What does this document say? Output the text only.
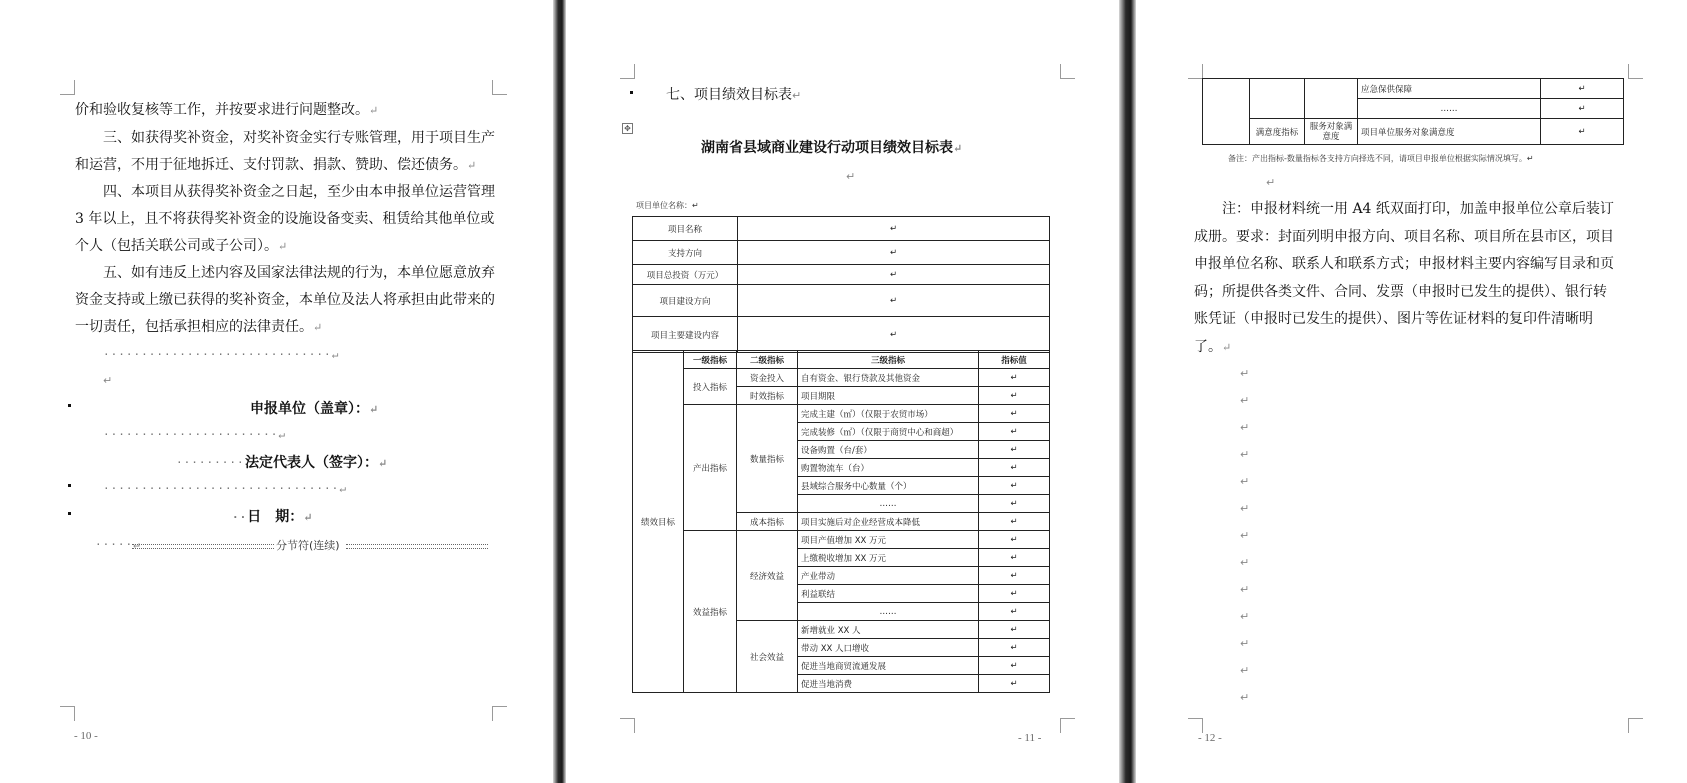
价和验收复核等工作，并按要求进行问题整改。↵
三、如获得奖补资金，对奖补资金实行专账管理，用于项目生产和运营，不用于征地拆迁、支付罚款、捐款、赞助、偿还债务。↵
四、本项目从获得奖补资金之日起，至少由本申报单位运营管理 3 年以上，且不将获得奖补资金的设施设备变卖、租赁给其他单位或个人（包括关联公司或子公司）。↵
五、如有违反上述内容及国家法律法规的行为，本单位愿意放弃资金支持或上缴已获得的奖补资金，本单位及法人将承担由此带来的一切责任，包括承担相应的法律责任。↵
······························↵
↵
申报单位（盖章）：↵
·······················↵
········· 法定代表人（签字）：↵
·······························↵
··日　期：↵
·····↵	分节符(连续)
- 10 -
七、项目绩效目标表↵
✥
湖南省县域商业建设行动项目绩效目标表↵
↵
项目单位名称：↵
项目名称	↵
支持方向	↵
项目总投资（万元）	↵
项目建设方向	↵
项目主要建设内容	↵
绩效目标	一级指标	二级指标	三级指标	指标值
	投入指标	资金投入	自有资金、银行贷款及其他资金	↵
		时效指标	项目期限	↵
	产出指标	数量指标	完成主建（㎡）（仅限于农贸市场）	↵
			完成装修（㎡）（仅限于商贸中心和商超）	↵
			设备购置（台/套）	↵
			购置物流车（台）	↵
			县域综合服务中心数量（个）	↵
			……	↵
		成本指标	项目实施后对企业经营成本降低	↵
	效益指标	经济效益	项目产值增加 XX 万元	↵
			上缴税收增加 XX 万元	↵
			产业带动	↵
			利益联结	↵
			……	↵
		社会效益	新增就业 XX 人	↵
			带动 XX 人口增收	↵
			促进当地商贸流通发展	↵
			促进当地消费	↵
- 11 -
			应急保供保障	↵
			……	↵
	满意度指标	服务对象满意度	项目单位服务对象满意度	↵
备注：产出指标-数量指标各支持方向择选不同，请项目申报单位根据实际情况填写。↵
↵
注：申报材料统一用 A4 纸双面打印，加盖申报单位公章后装订成册。要求：封面列明申报方向、项目名称、项目所在县市区，项目申报单位名称、联系人和联系方式；申报材料主要内容编写目录和页码；所提供各类文件、合同、发票（申报时已发生的提供）、银行转账凭证（申报时已发生的提供）、图片等佐证材料的复印件清晰明了。↵
↵
↵
↵
↵
↵
↵
↵
↵
↵
↵
↵
↵
↵
- 12 -
